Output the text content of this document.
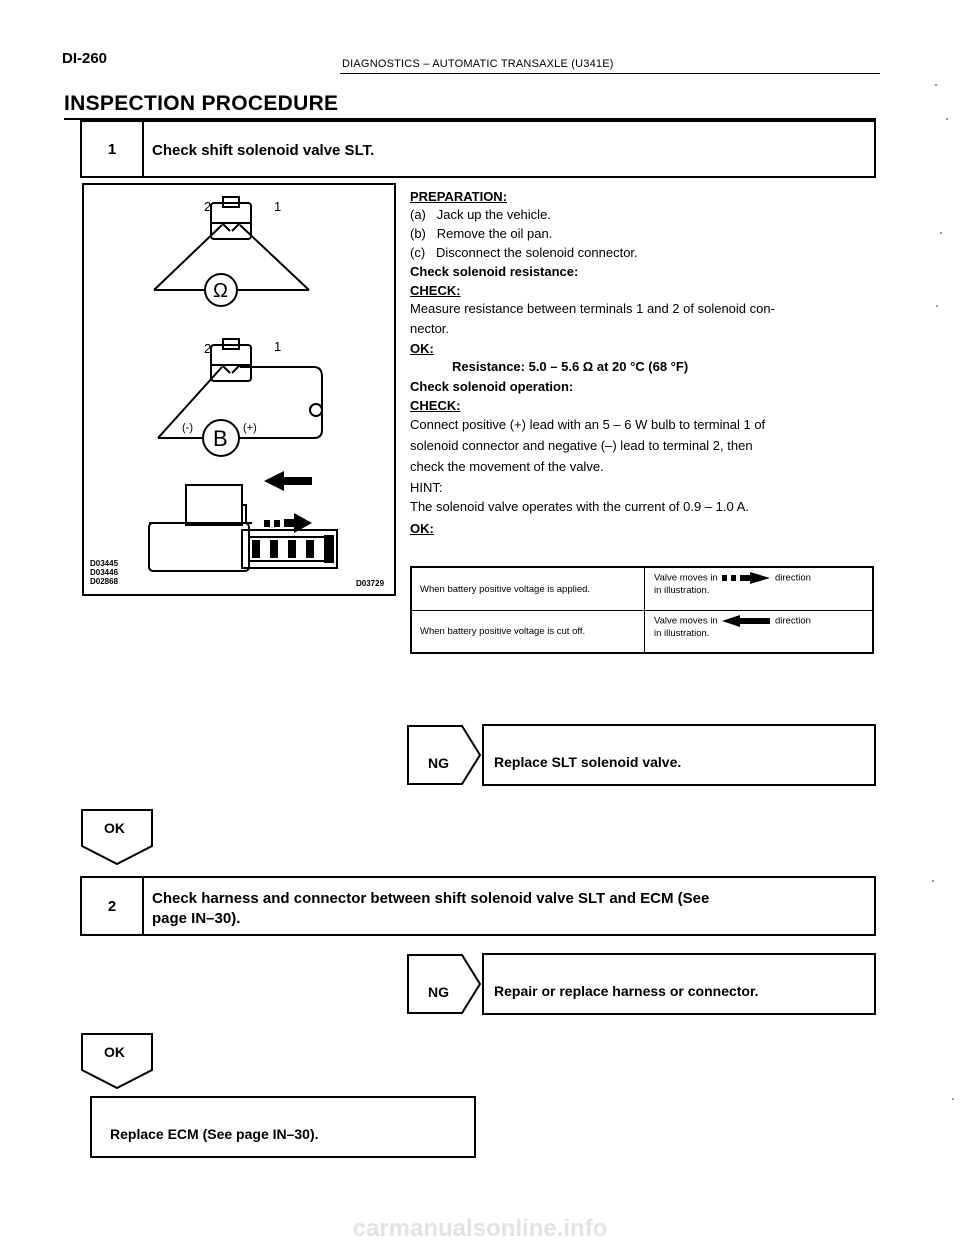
DI-260	DIAGNOSTICS – AUTOMATIC TRANSAXLE (U341E)
INSPECTION PROCEDURE
1	Check shift solenoid valve SLT.
2	1
Ω
2	1
B
(-)	(+)
D03445
D03446
D02868	D03729
PREPARATION:
(a) Jack up the vehicle.
(b) Remove the oil pan.
(c) Disconnect the solenoid connector.
Check solenoid resistance:
CHECK:
Measure resistance between terminals 1 and 2 of solenoid con-
nector.
OK:
Resistance: 5.0 – 5.6 Ω at 20 °C (68 °F)
Check solenoid operation:
CHECK:
Connect positive (+) lead with an 5 – 6 W bulb to terminal 1 of
solenoid connector and negative (–) lead to terminal 2, then
check the movement of the valve.
HINT:
The solenoid valve operates with the current of 0.9 – 1.0 A.
OK:
When battery positive voltage is applied.
Valve moves in	direction
in illustration.
When battery positive voltage is cut off.
Valve moves in	direction
in illustration.
NG	Replace SLT solenoid valve.
OK
2	Check harness and connector between shift solenoid valve SLT and ECM (See
page IN–30).
NG	Repair or replace harness or connector.
OK
Replace ECM (See page IN–30).
carmanualsonline.info
